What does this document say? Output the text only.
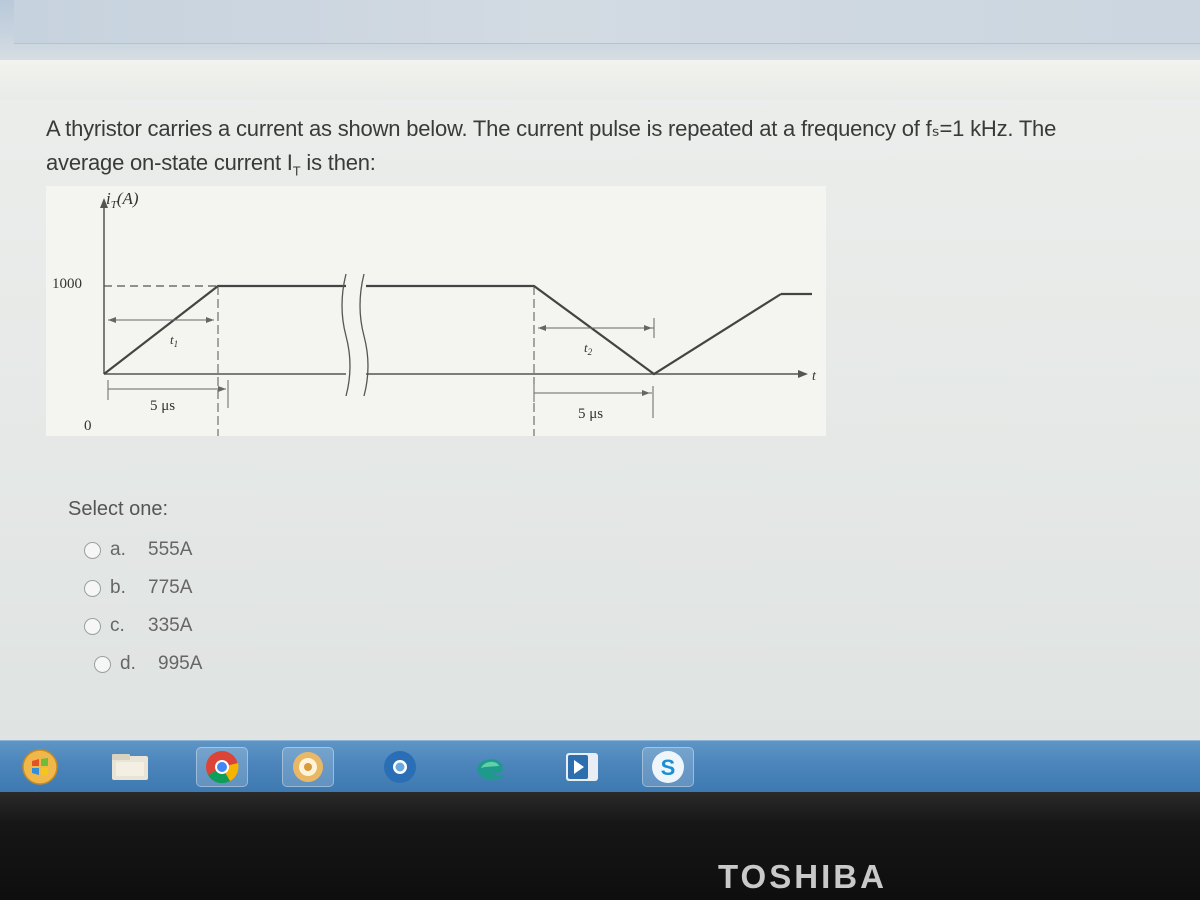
A thyristor carries a current as shown below. The current pulse is repeated at a frequency of fₛ=1 kHz. The
average on-state current $I_T$ is then:
$i_T(A)$
1000
0
t
$t_1$	$t_2$
5 μs	5 μs
Select one:
a.	555A
b.	775A
c.	335A
d.	995A
S
TOSHIBA
